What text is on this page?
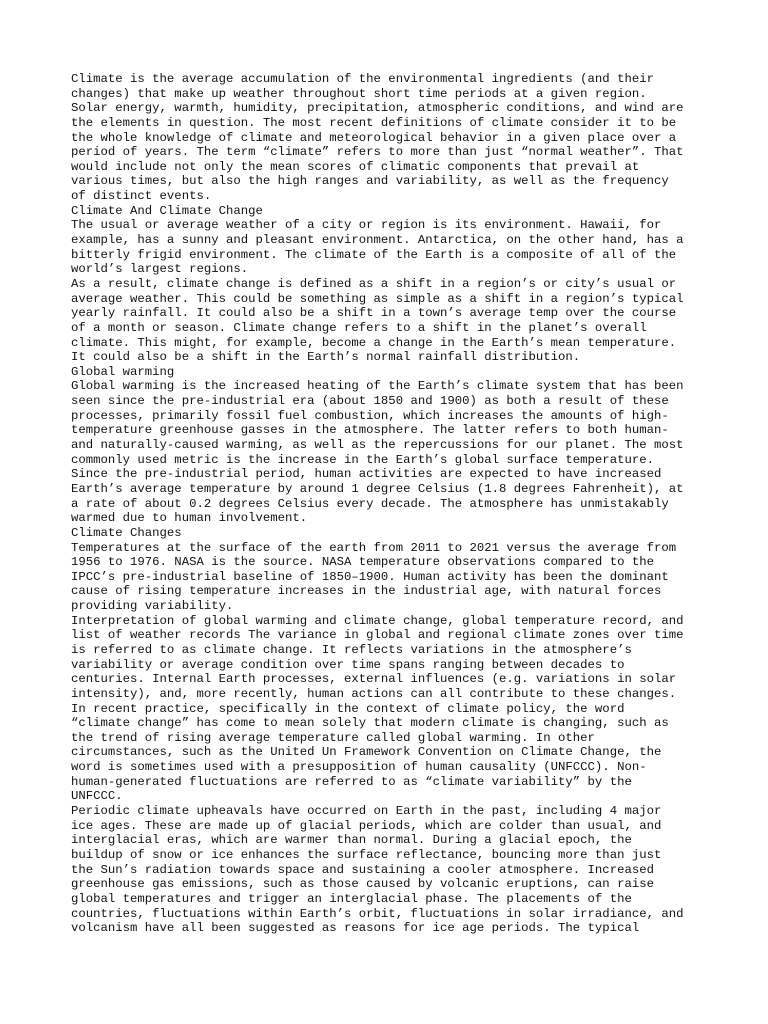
Climate is the average accumulation of the environmental ingredients (and their
changes) that make up weather throughout short time periods at a given region.
Solar energy, warmth, humidity, precipitation, atmospheric conditions, and wind are
the elements in question. The most recent definitions of climate consider it to be
the whole knowledge of climate and meteorological behavior in a given place over a
period of years. The term “climate” refers to more than just “normal weather”. That
would include not only the mean scores of climatic components that prevail at
various times, but also the high ranges and variability, as well as the frequency
of distinct events.
Climate And Climate Change
The usual or average weather of a city or region is its environment. Hawaii, for
example, has a sunny and pleasant environment. Antarctica, on the other hand, has a
bitterly frigid environment. The climate of the Earth is a composite of all of the
world’s largest regions.
As a result, climate change is defined as a shift in a region’s or city’s usual or
average weather. This could be something as simple as a shift in a region’s typical
yearly rainfall. It could also be a shift in a town’s average temp over the course
of a month or season. Climate change refers to a shift in the planet’s overall
climate. This might, for example, become a change in the Earth’s mean temperature.
It could also be a shift in the Earth’s normal rainfall distribution.
Global warming
Global warming is the increased heating of the Earth’s climate system that has been
seen since the pre-industrial era (about 1850 and 1900) as both a result of these
processes, primarily fossil fuel combustion, which increases the amounts of high-
temperature greenhouse gasses in the atmosphere. The latter refers to both human-
and naturally-caused warming, as well as the repercussions for our planet. The most
commonly used metric is the increase in the Earth’s global surface temperature.
Since the pre-industrial period, human activities are expected to have increased
Earth’s average temperature by around 1 degree Celsius (1.8 degrees Fahrenheit), at
a rate of about 0.2 degrees Celsius every decade. The atmosphere has unmistakably
warmed due to human involvement.
Climate Changes
Temperatures at the surface of the earth from 2011 to 2021 versus the average from
1956 to 1976. NASA is the source. NASA temperature observations compared to the
IPCC’s pre-industrial baseline of 1850–1900. Human activity has been the dominant
cause of rising temperature increases in the industrial age, with natural forces
providing variability.
Interpretation of global warming and climate change, global temperature record, and
list of weather records The variance in global and regional climate zones over time
is referred to as climate change. It reflects variations in the atmosphere’s
variability or average condition over time spans ranging between decades to
centuries. Internal Earth processes, external influences (e.g. variations in solar
intensity), and, more recently, human actions can all contribute to these changes.
In recent practice, specifically in the context of climate policy, the word
“climate change” has come to mean solely that modern climate is changing, such as
the trend of rising average temperature called global warming. In other
circumstances, such as the United Un Framework Convention on Climate Change, the
word is sometimes used with a presupposition of human causality (UNFCCC). Non-
human-generated fluctuations are referred to as “climate variability” by the
UNFCCC.
Periodic climate upheavals have occurred on Earth in the past, including 4 major
ice ages. These are made up of glacial periods, which are colder than usual, and
interglacial eras, which are warmer than normal. During a glacial epoch, the
buildup of snow or ice enhances the surface reflectance, bouncing more than just
the Sun’s radiation towards space and sustaining a cooler atmosphere. Increased
greenhouse gas emissions, such as those caused by volcanic eruptions, can raise
global temperatures and trigger an interglacial phase. The placements of the
countries, fluctuations within Earth’s orbit, fluctuations in solar irradiance, and
volcanism have all been suggested as reasons for ice age periods. The typical
